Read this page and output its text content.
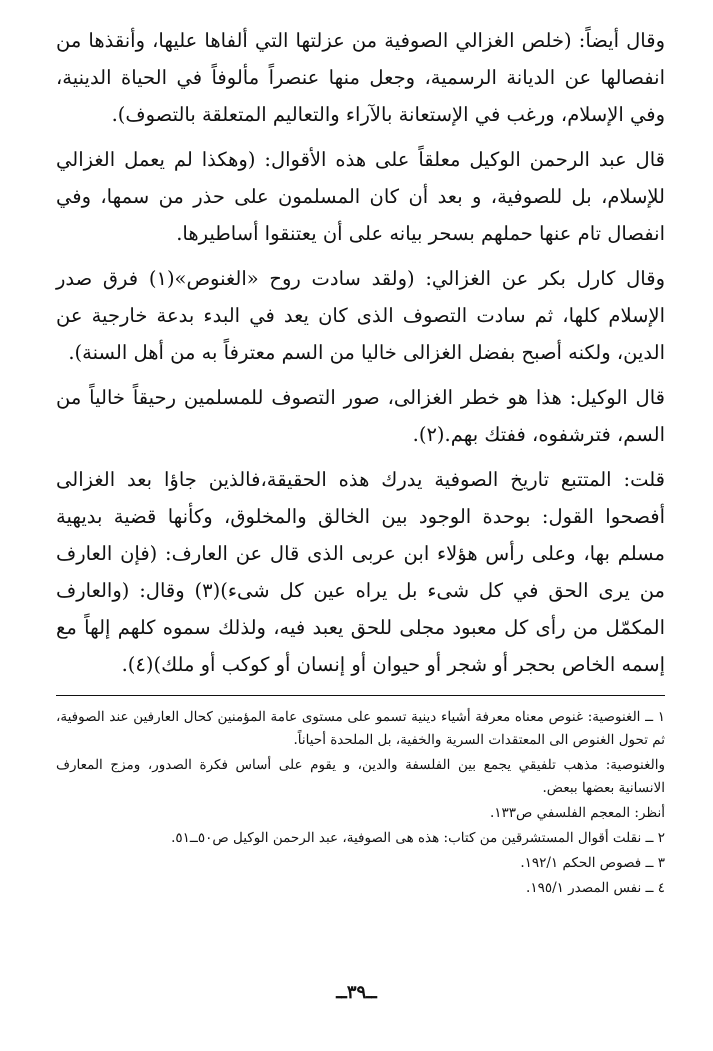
وقال أيضاً: (خلص الغزالي الصوفية من عزلتها التي ألفاها عليها، وأنقذها من انفصالها عن الديانة الرسمية، وجعل منها عنصراً مألوفاً في الحياة الدينية، وفي الإسلام، ورغب في الإستعانة بالآراء والتعاليم المتعلقة بالتصوف).

قال عبد الرحمن الوكيل معلقاً على هذه الأقوال: (وهكذا لم يعمل الغزالي للإسلام، بل للصوفية، و بعد أن كان المسلمون على حذر من سمها، وفي انفصال تام عنها حملهم بسحر بيانه على أن يعتنقوا أساطيرها.

وقال كارل بكر عن الغزالي: (ولقد سادت روح «الغنوص»(١) فرق صدر الإسلام كلها، ثم سادت التصوف الذى كان يعد في البدء بدعة خارجية عن الدين، ولكنه أصبح بفضل الغزالى خاليا من السم معترفاً به من أهل السنة).

قال الوكيل: هذا هو خطر الغزالى، صور التصوف للمسلمين رحيقاً خالياً من السم، فترشفوه، ففتك بهم.(٢).

قلت: المتتبع تاريخ الصوفية يدرك هذه الحقيقة،فالذين جاؤا بعد الغزالى أفصحوا القول: بوحدة الوجود بين الخالق والمخلوق، وكأنها قضية بديهية مسلم بها، وعلى رأس هؤلاء ابن عربى الذى قال عن العارف: (فإن العارف من يرى الحق في كل شىء بل يراه عين كل شىء)(٣) وقال: (والعارف المكمّل من رأى كل معبود مجلى للحق يعبد فيه، ولذلك سموه كلهم إلهاً مع إسمه الخاص بحجر أو شجر أو حيوان أو إنسان أو كوكب أو ملك)(٤).

١ ــ الغنوصية: غنوص معناه معرفة أشياء دينية تسمو على مستوى عامة المؤمنين كحال العارفين عند الصوفية، ثم تحول الغنوص الى المعتقدات السرية والخفية، بل الملحدة أحياناً.

والغنوصية: مذهب تلفيقي يجمع بين الفلسفة والدين، و يقوم على أساس فكرة الصدور، ومزج المعارف الانسانية بعضها ببعض.

أنظر: المعجم الفلسفي ص١٣٣.

٢ ــ نقلت أقوال المستشرقين من كتاب: هذه هى الصوفية، عبد الرحمن الوكيل ص٥٠ــ٥١.

٣ ــ فصوص الحكم ١٩٢/١.

٤ ــ نفس المصدر ١٩٥/١.

ــ٣٩ــ
